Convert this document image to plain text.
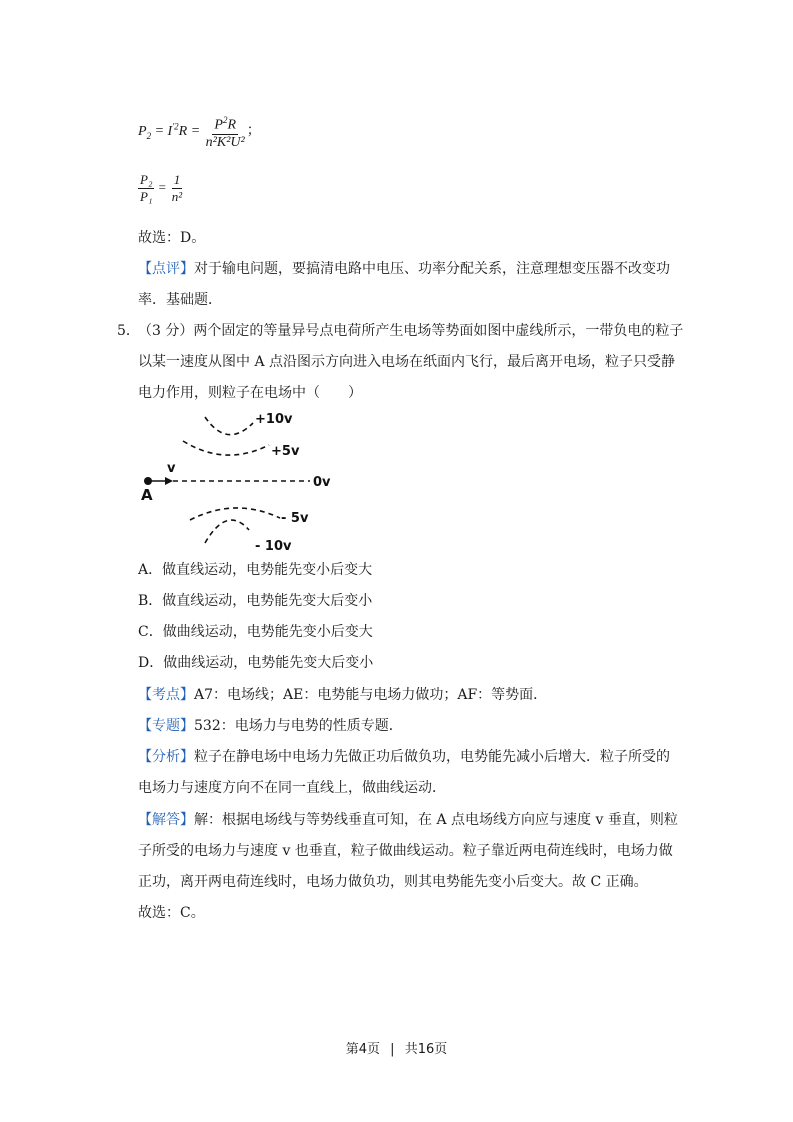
$P_2 = I^{'2}R = \frac{P^2R}{\text{n²K²U²}}$ ；
$\frac{\text{P₂}}{\text{P₁}} = \frac{1}{\text{n²}}$
故选：D。
【点评】对于输电问题，要搞清电路中电压、功率分配关系，注意理想变压器不改变功
率．基础题．
5．
（3 分）两个固定的等量异号点电荷所产生电场等势面如图中虚线所示，一带负电的粒子
以某一速度从图中 A 点沿图示方向进入电场在纸面内飞行，最后离开电场，粒子只受静
电力作用，则粒子在电场中（　　）
+10v
+5v
0v
- 5v
- 10v
v
A
A．做直线运动，电势能先变小后变大
B．做直线运动，电势能先变大后变小
C．做曲线运动，电势能先变小后变大
D．做曲线运动，电势能先变大后变小
【考点】A7：电场线；AE：电势能与电场力做功；AF：等势面．
【专题】532：电场力与电势的性质专题．
【分析】粒子在静电场中电场力先做正功后做负功，电势能先减小后增大．粒子所受的
电场力与速度方向不在同一直线上，做曲线运动．
【解答】解：根据电场线与等势线垂直可知，在 A 点电场线方向应与速度 v 垂直，则粒
子所受的电场力与速度 v 也垂直，粒子做曲线运动。粒子靠近两电荷连线时，电场力做
正功，离开两电荷连线时，电场力做负功，则其电势能先变小后变大。故 C 正确。
故选：C。
第4页 | 共16页
